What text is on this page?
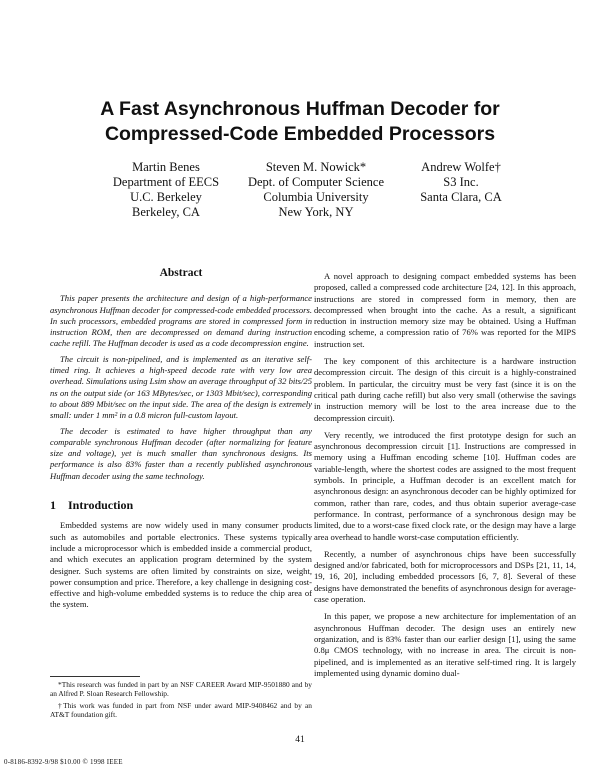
A Fast Asynchronous Huffman Decoder for
Compressed-Code Embedded Processors
Martin Benes
Department of EECS
U.C. Berkeley
Berkeley, CA
Steven M. Nowick*
Dept. of Computer Science
Columbia University
New York, NY
Andrew Wolfe†
S3 Inc.
Santa Clara, CA
Abstract

This paper presents the architecture and design of a high-performance asynchronous Huffman decoder for compressed-code embedded processors. In such processors, embedded programs are stored in compressed form in instruction ROM, then are decompressed on demand during instruction cache refill. The Huffman decoder is used as a code decompression engine.

The circuit is non-pipelined, and is implemented as an iterative self-timed ring. It achieves a high-speed decode rate with very low area overhead. Simulations using Lsim show an average throughput of 32 bits/25 ns on the output side (or 163 MBytes/sec, or 1303 Mbit/sec), corresponding to about 889 Mbit/sec on the input side. The area of the design is extremely small: under 1 mm² in a 0.8 micron full-custom layout.

The decoder is estimated to have higher throughput than any comparable synchronous Huffman decoder (after normalizing for feature size and voltage), yet is much smaller than synchronous designs. Its performance is also 83% faster than a recently published asynchronous Huffman decoder using the same technology.

1 Introduction

Embedded systems are now widely used in many consumer products such as automobiles and portable electronics. These systems typically include a microprocessor which is embedded inside a commercial product, and which executes an application program determined by the system designer. Such systems are often limited by constraints on size, weight, power consumption and price. Therefore, a key challenge in designing cost-effective and high-volume embedded systems is to reduce the chip area of the system.

*This research was funded in part by an NSF CAREER Award MIP-9501880 and by an Alfred P. Sloan Research Fellowship.

†This work was funded in part from NSF under award MIP-9408462 and by an AT&T foundation gift.

A novel approach to designing compact embedded systems has been proposed, called a compressed code architecture [24, 12]. In this approach, instructions are stored in compressed form in memory, then are decompressed when brought into the cache. As a result, a significant reduction in instruction memory size may be obtained. Using a Huffman encoding scheme, a compression ratio of 76% was reported for the MIPS instruction set.

The key component of this architecture is a hardware instruction decompression circuit. The design of this circuit is a highly-constrained problem. In particular, the circuitry must be very fast (since it is on the critical path during cache refill) but also very small (otherwise the savings in instruction memory will be lost to the area increase due to the decompression circuit).

Very recently, we introduced the first prototype design for such an asynchronous decompression circuit [1]. Instructions are compressed in memory using a Huffman encoding scheme [10]. Huffman codes are variable-length, where the shortest codes are assigned to the most frequent symbols. In principle, a Huffman decoder is an excellent match for asynchronous design: an asynchronous decoder can be highly optimized for common, rather than rare, codes, and thus obtain superior average-case performance. In contrast, performance of a synchronous design may be limited, due to a worst-case fixed clock rate, or the design may have a large area overhead to handle worst-case computation efficiently.

Recently, a number of asynchronous chips have been successfully designed and/or fabricated, both for microprocessors and DSPs [21, 11, 14, 19, 16, 20], including embedded processors [6, 7, 8]. Several of these designs have demonstrated the benefits of asynchronous design for average-case operation.

In this paper, we propose a new architecture for implementation of an asynchronous Huffman decoder. The design uses an entirely new organization, and is 83% faster than our earlier design [1], using the same 0.8μ CMOS technology, with no increase in area. The circuit is non-pipelined, and is implemented as an iterative self-timed ring. It is largely implemented using dynamic domino dual-

41
0-8186-8392-9/98 $10.00 © 1998 IEEE
